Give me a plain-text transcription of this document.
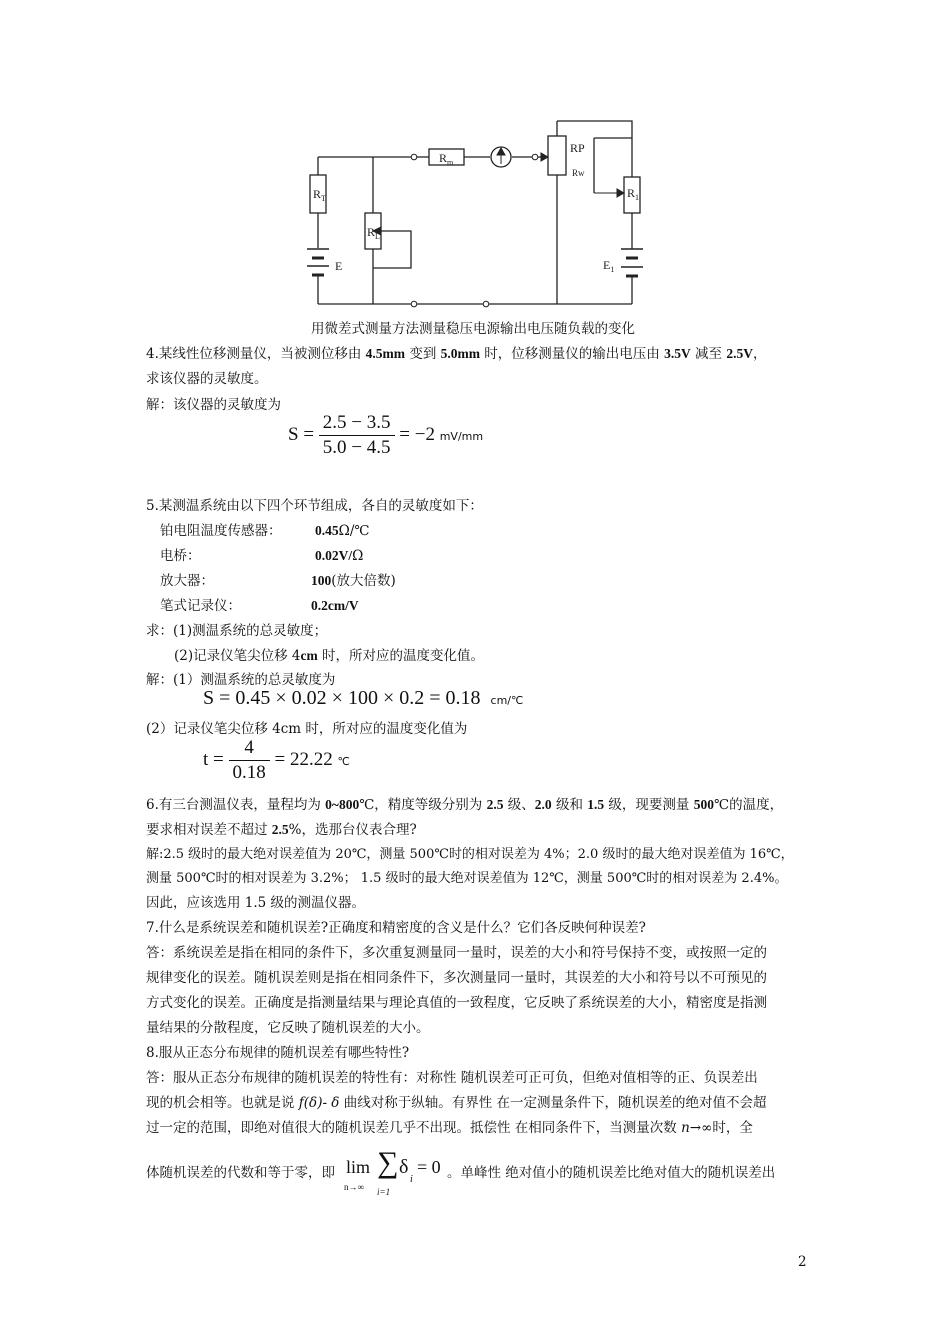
$R_m$
$R_T$
$R_L$
E
RP
Rw
$R_1$
$E_1$
用微差式测量方法测量稳压电源输出电压随负载的变化
4.某线性位移测量仪，当被测位移由 4.5mm 变到 5.0mm 时，位移测量仪的输出电压由 3.5V 减至 2.5V，
求该仪器的灵敏度。
解：该仪器的灵敏度为
$S = \frac{2.5 - 3.5}{5.0 - 4.5} = -2$ mV/mm
5.某测温系统由以下四个环节组成，各自的灵敏度如下：
铂电阻温度传感器： 0.45Ω/℃
电桥：	0.02V/Ω
放大器：	100(放大倍数)
笔式记录仪：	0.2cm/V
求：(1)测温系统的总灵敏度；
(2)记录仪笔尖位移 4cm 时，所对应的温度变化值。
解：(1）测温系统的总灵敏度为
S = 0.45 × 0.02 × 100 × 0.2 = 0.18 cm/℃
(2）记录仪笔尖位移 4cm 时，所对应的温度变化值为
$t = \frac{4}{0.18} = 22.22$ ℃
6.有三台测温仪表，量程均为 0~800℃，精度等级分别为 2.5 级、2.0 级和 1.5 级，现要测量 500℃的温度，
要求相对误差不超过 2.5%，选那台仪表合理?
解:2.5 级时的最大绝对误差值为 20℃，测量 500℃时的相对误差为 4%；2.0 级时的最大绝对误差值为 16℃，
测量 500℃时的相对误差为 3.2%； 1.5 级时的最大绝对误差值为 12℃，测量 500℃时的相对误差为 2.4%。
因此，应该选用 1.5 级的测温仪器。
7.什么是系统误差和随机误差?正确度和精密度的含义是什么？它们各反映何种误差?
答：系统误差是指在相同的条件下，多次重复测量同一量时，误差的大小和符号保持不变，或按照一定的
规律变化的误差。随机误差则是指在相同条件下，多次测量同一量时，其误差的大小和符号以不可预见的
方式变化的误差。正确度是指测量结果与理论真值的一致程度，它反映了系统误差的大小，精密度是指测
量结果的分散程度，它反映了随机误差的大小。
8.服从正态分布规律的随机误差有哪些特性?
答：服从正态分布规律的随机误差的特性有：对称性 随机误差可正可负，但绝对值相等的正、负误差出
现的机会相等。也就是说 f(δ)- δ 曲线对称于纵轴。有界性 在一定测量条件下，随机误差的绝对值不会超
过一定的范围，即绝对值很大的随机误差几乎不出现。抵偿性 在相同条件下，当测量次数 n→∞时，全
体随机误差的代数和等于零，即 lim
n→∞
∑ δ
i
i=1
= 0 。单峰性 绝对值小的随机误差比绝对值大的随机误差出
2
